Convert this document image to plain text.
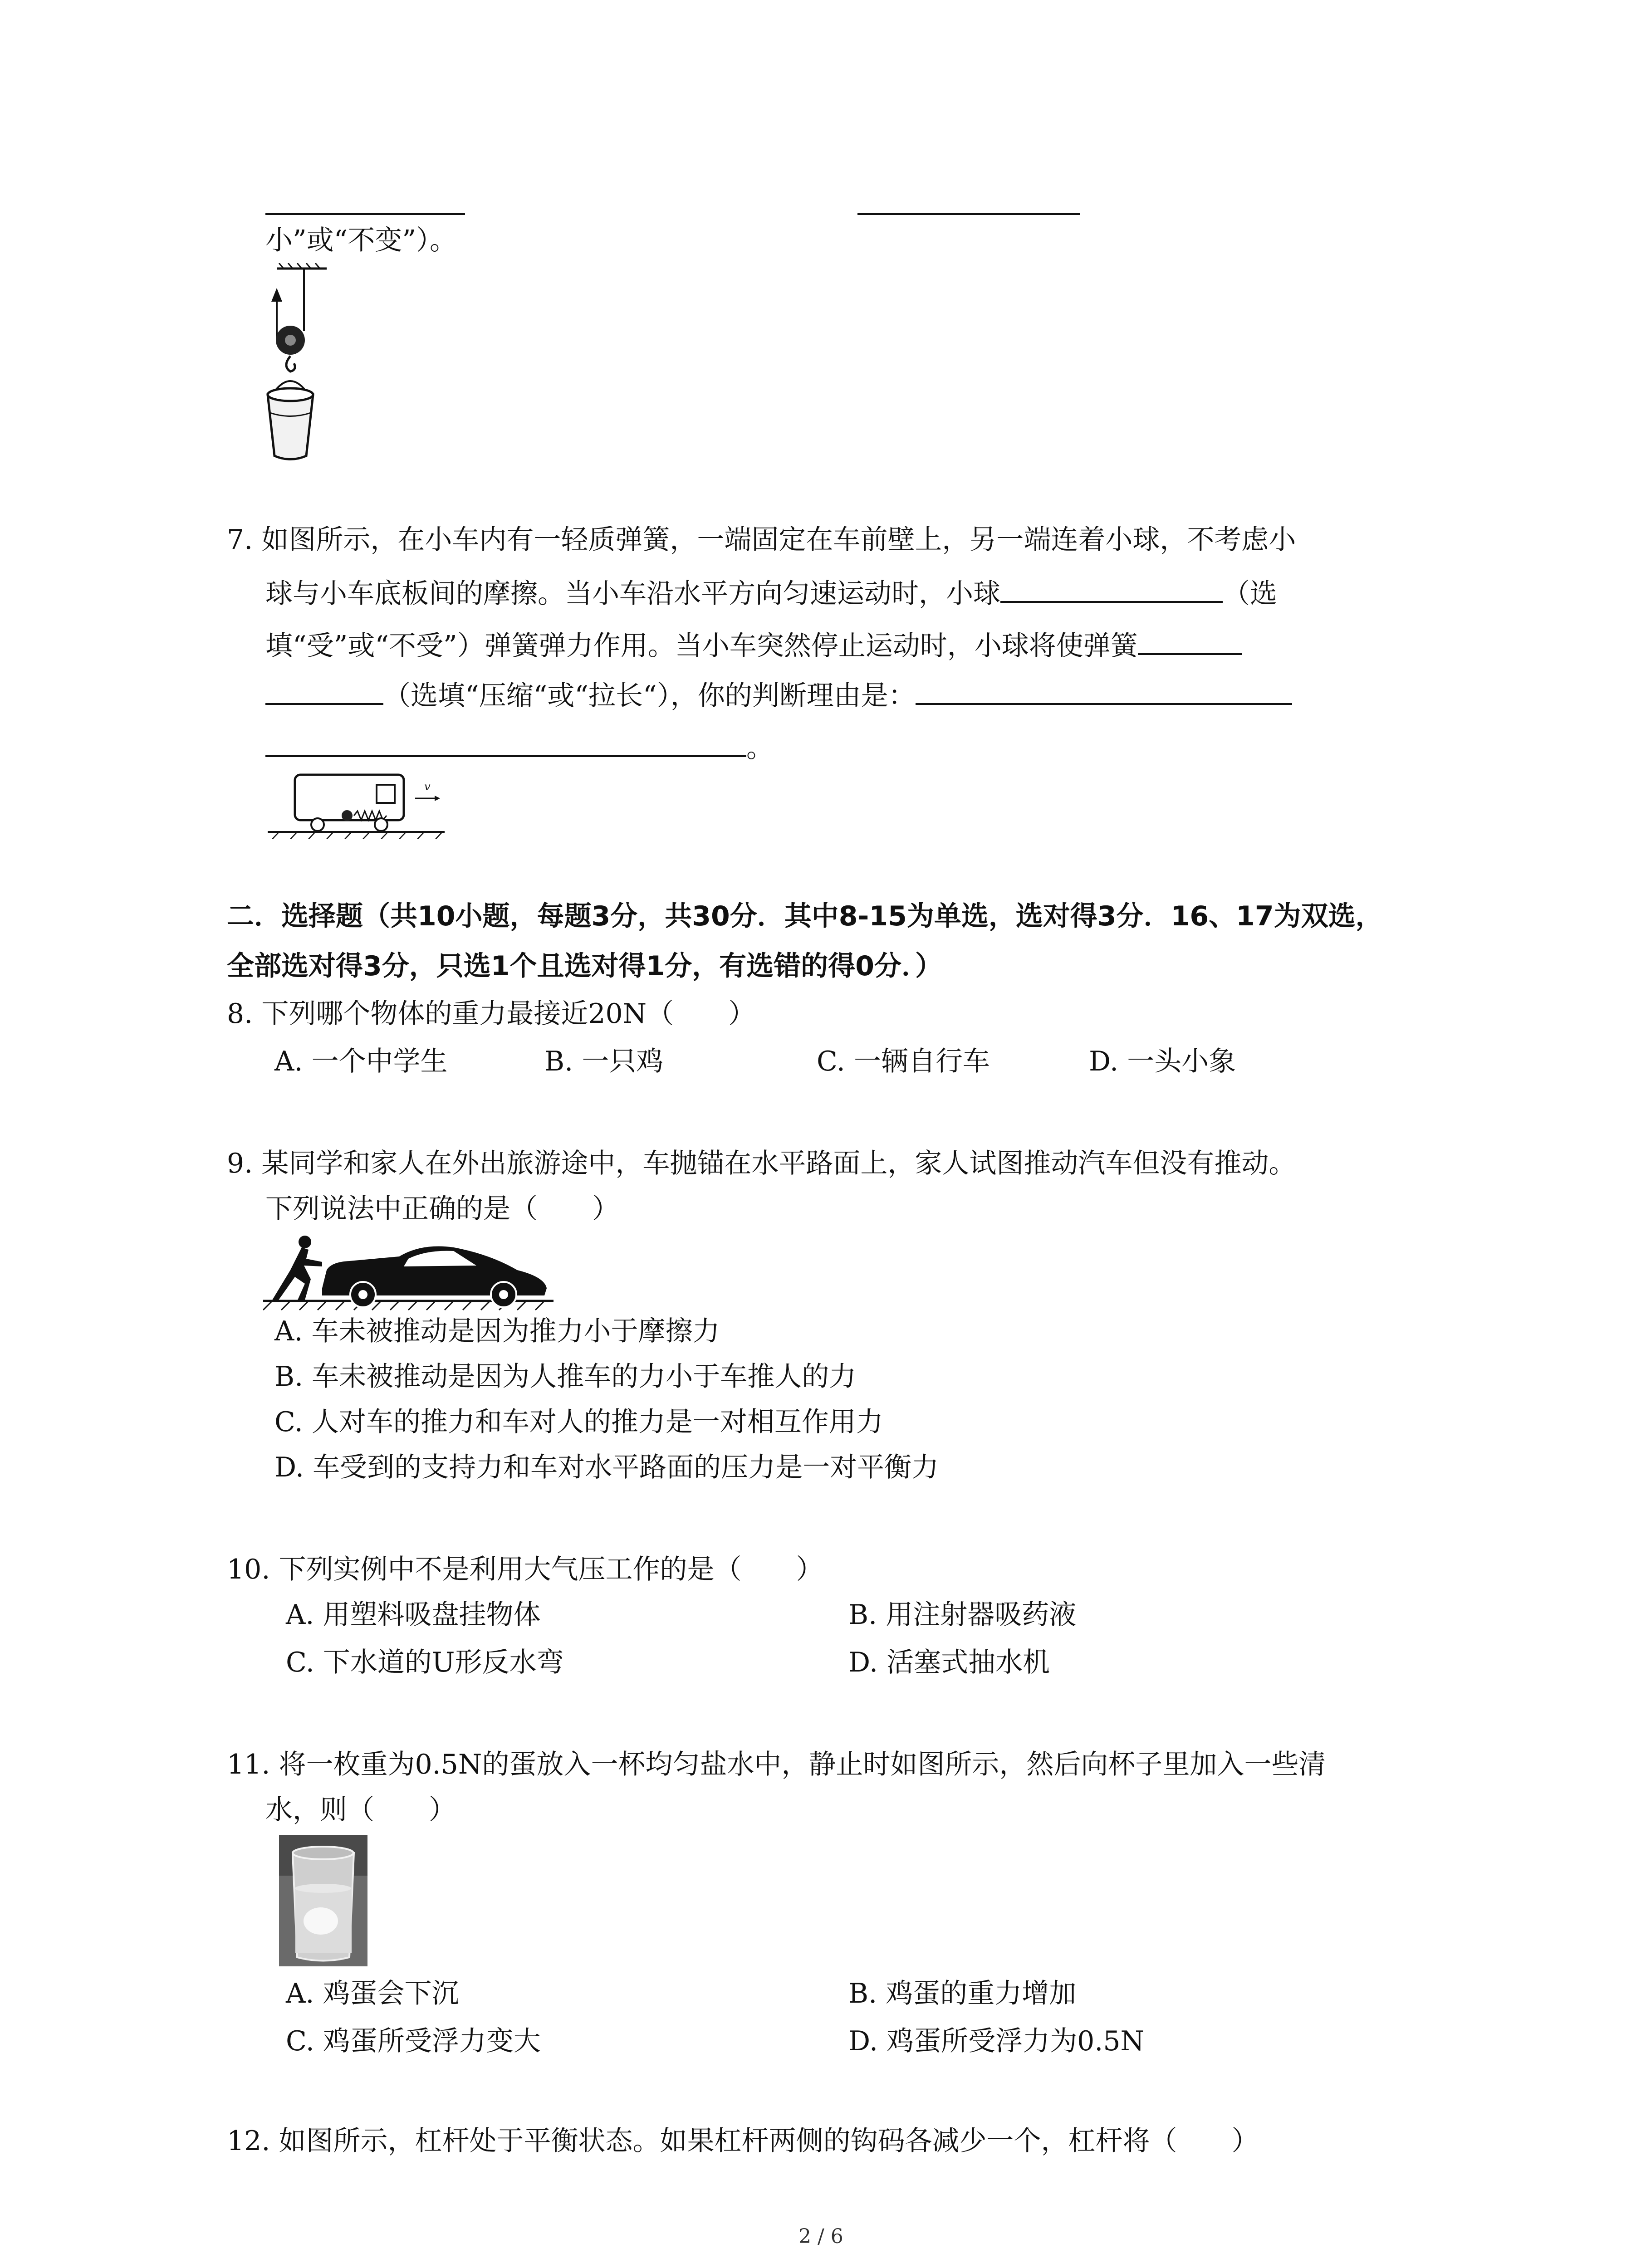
小”或“不变”）。
7. 如图所示，在小车内有一轻质弹簧，一端固定在车前壁上，另一端连着小球，不考虑小
球与小车底板间的摩擦。当小车沿水平方向匀速运动时，小球	（选
填“受”或“不受”）弹簧弹力作用。当小车突然停止运动时，小球将使弹簧
（选填“压缩“或“拉长“），你的判断理由是：
。
v
二．选择题（共10小题，每题3分，共30分．其中8-15为单选，选对得3分．16、17为双选，
全部选对得3分，只选1个且选对得1分，有选错的得0分．）
8. 下列哪个物体的重力最接近20N（　　）
A. 一个中学生	B. 一只鸡	C. 一辆自行车	D. 一头小象
9. 某同学和家人在外出旅游途中，车抛锚在水平路面上，家人试图推动汽车但没有推动。
下列说法中正确的是（　　）
A. 车未被推动是因为推力小于摩擦力
B. 车未被推动是因为人推车的力小于车推人的力
C. 人对车的推力和车对人的推力是一对相互作用力
D. 车受到的支持力和车对水平路面的压力是一对平衡力
10. 下列实例中不是利用大气压工作的是（　　）
A. 用塑料吸盘挂物体	B. 用注射器吸药液
C. 下水道的U形反水弯	D. 活塞式抽水机
11. 将一枚重为0.5N的蛋放入一杯均匀盐水中，静止时如图所示，然后向杯子里加入一些清
水，则（　　）
A. 鸡蛋会下沉	B. 鸡蛋的重力增加
C. 鸡蛋所受浮力变大	D. 鸡蛋所受浮力为0.5N
12. 如图所示，杠杆处于平衡状态。如果杠杆两侧的钩码各减少一个，杠杆将（　　）
2 / 6
